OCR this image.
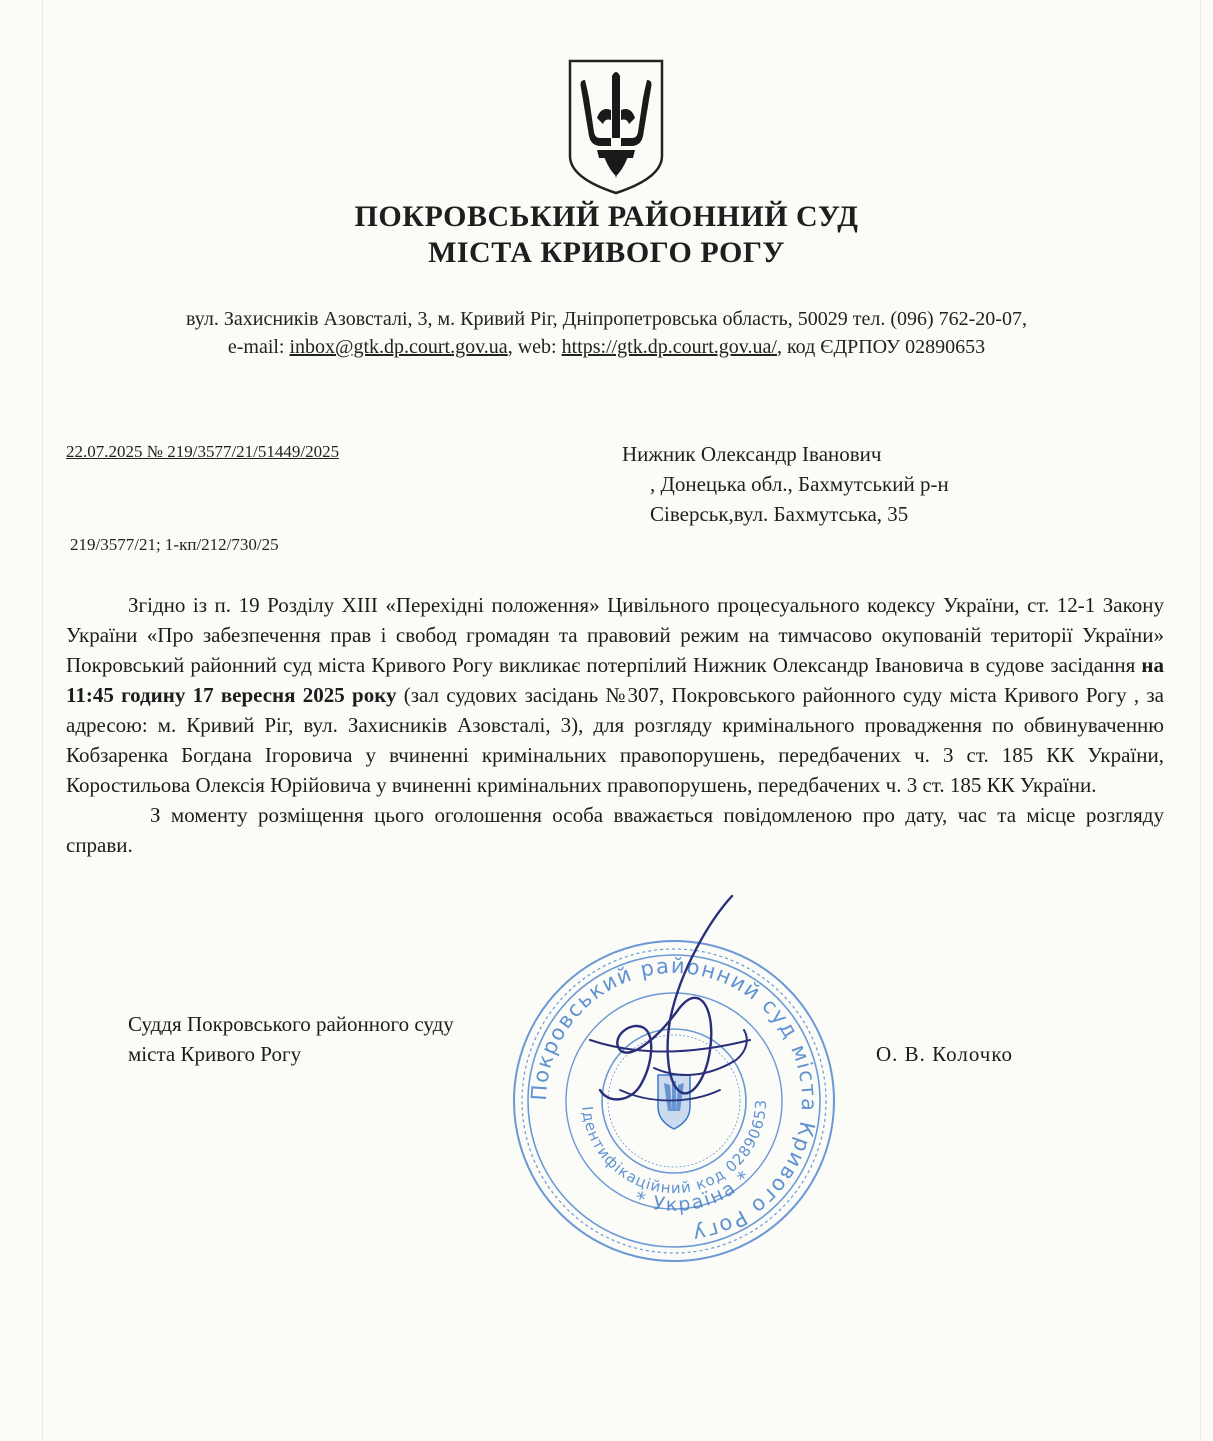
ПОКРОВСЬКИЙ РАЙОННИЙ СУД
МІСТА КРИВОГО РОГУ
вул. Захисників Азовсталі, 3, м. Кривий Ріг, Дніпропетровська область, 50029 тел. (096) 762-20-07,
e-mail: inbox@gtk.dp.court.gov.ua, web: https://gtk.dp.court.gov.ua/, код ЄДРПОУ 02890653
22.07.2025 № 219/3577/21/51449/2025
219/3577/21; 1-кп/212/730/25
Нижник Олександр Іванович
, Донецька обл., Бахмутський р-н
Сіверськ,вул. Бахмутська, 35

Згідно із п. 19 Розділу ХІІІ «Перехідні положення» Цивільного процесуального кодексу України, ст. 12-1 Закону України «Про забезпечення прав і свобод громадян та правовий режим на тимчасово окупованій території України» Покровський районний суд міста Кривого Рогу викликає потерпілий Нижник Олександр Івановича в судове засідання на 11:45 годину 17 вересня 2025 року (зал судових засідань №307, Покровського районного суду міста Кривого Рогу , за адресою: м. Кривий Ріг, вул. Захисників Азовсталі, 3), для розгляду кримінального провадження по обвинуваченню Кобзаренка Богдана Ігоровича у вчиненні кримінальних правопорушень, передбачених ч. 3 ст. 185 КК України, Коростильова Олексія Юрійовича у вчиненні кримінальних правопорушень, передбачених ч. 3 ст. 185 КК України.

З моменту розміщення цього оголошення особа вважається повідомленою про дату, час та місце розгляду справи.

Суддя Покровського районного суду
міста Кривого Рогу	О. В. Колочко
Покровський районний суд міста Кривого Рогу
Ідентифікаційний код 02890653
* Україна *
